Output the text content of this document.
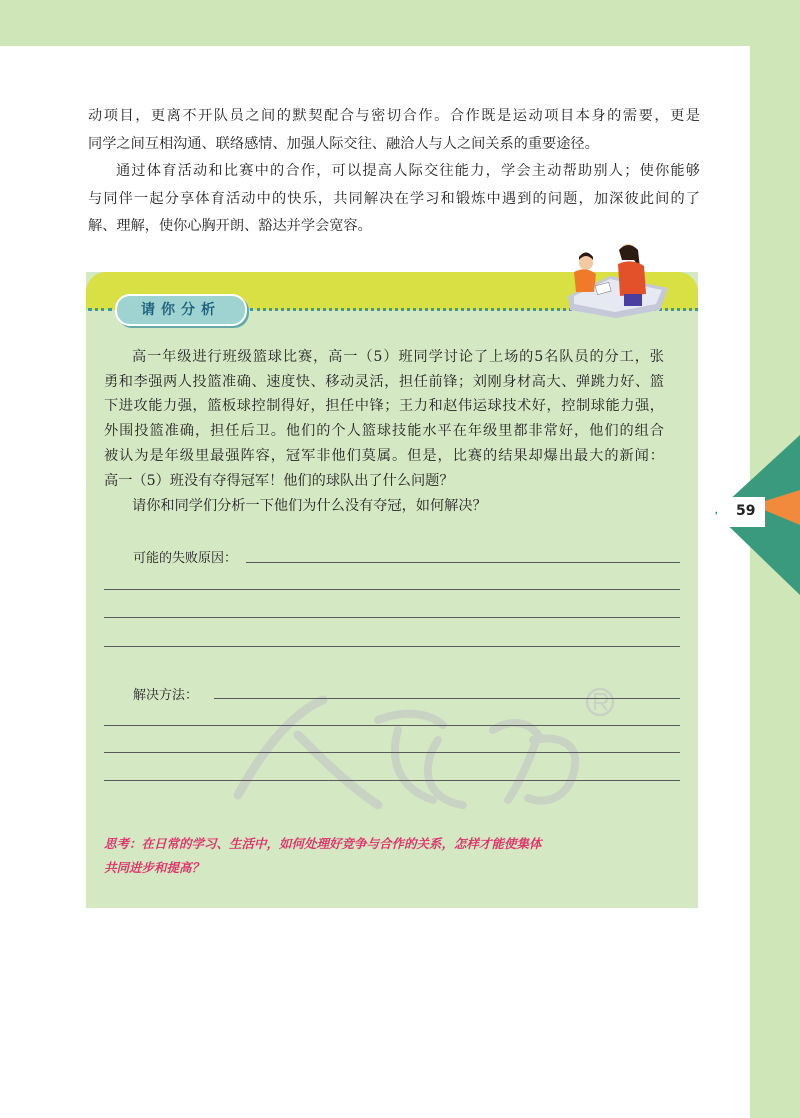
59

动项目，更离不开队员之间的默契配合与密切合作。合作既是运动项目本身的需要，更是

同学之间互相沟通、联络感情、加强人际交往、融洽人与人之间关系的重要途径。

通过体育活动和比赛中的合作，可以提高人际交往能力，学会主动帮助别人；使你能够

与同伴一起分享体育活动中的快乐，共同解决在学习和锻炼中遇到的问题，加深彼此间的了

解、理解，使你心胸开朗、豁达并学会宽容。

请你分析

高一年级进行班级篮球比赛，高一（5）班同学讨论了上场的5名队员的分工，张

勇和李强两人投篮准确、速度快、移动灵活，担任前锋；刘刚身材高大、弹跳力好、篮

下进攻能力强，篮板球控制得好，担任中锋；王力和赵伟运球技术好，控制球能力强，

外围投篮准确，担任后卫。他们的个人篮球技能水平在年级里都非常好，他们的组合

被认为是年级里最强阵容，冠军非他们莫属。但是，比赛的结果却爆出最大的新闻：

高一（5）班没有夺得冠军！他们的球队出了什么问题？

请你和同学们分析一下他们为什么没有夺冠，如何解决？

可能的失败原因：
解决方法：

思考：在日常的学习、生活中，如何处理好竞争与合作的关系，怎样才能使集体

共同进步和提高？
